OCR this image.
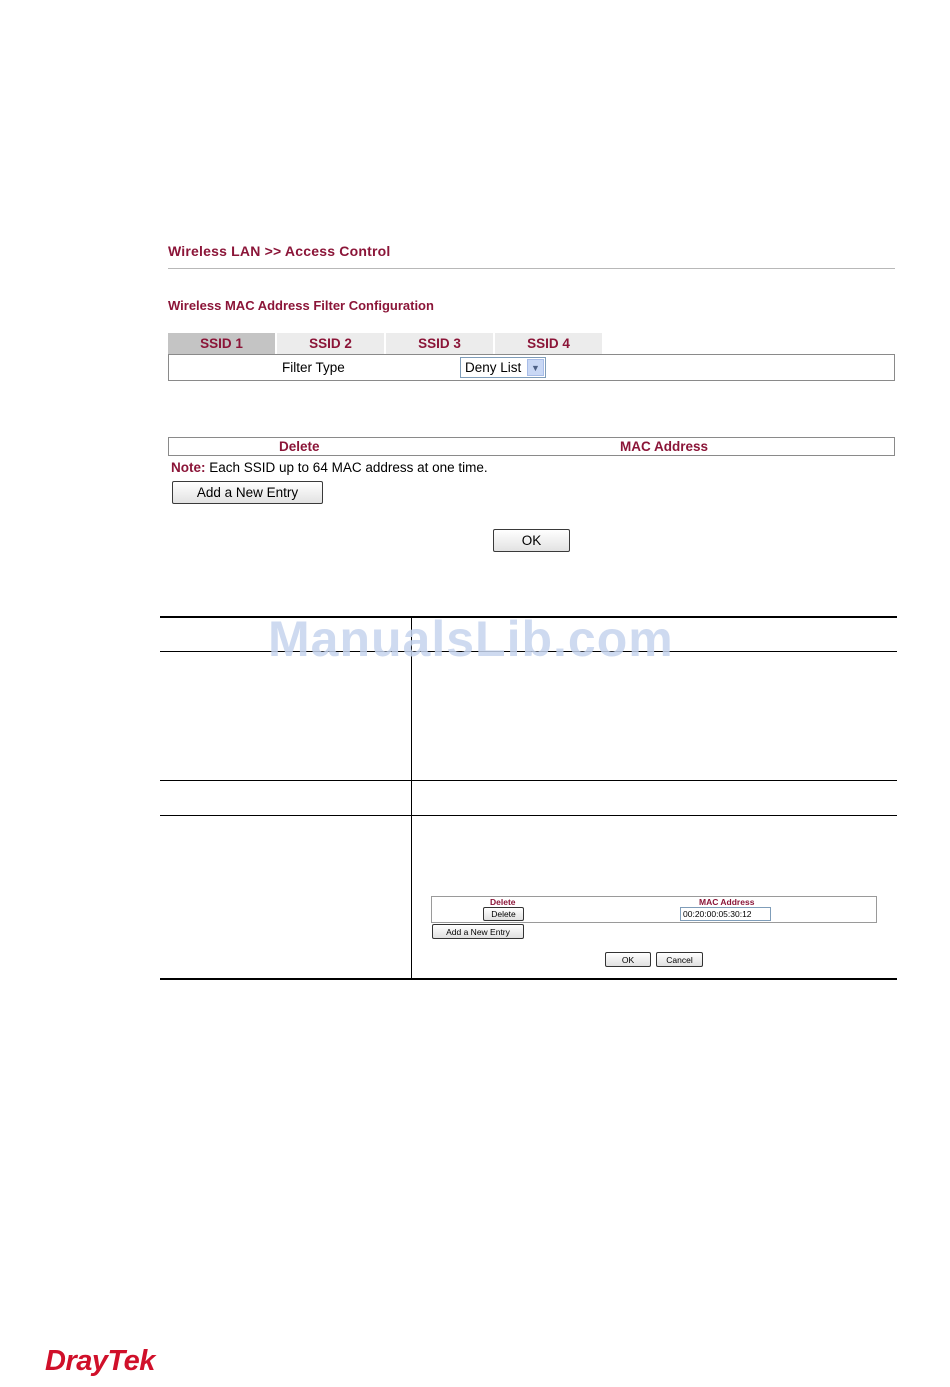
Wireless LAN >> Access Control
Wireless MAC Address Filter Configuration
SSID 1	SSID 2	SSID 3	SSID 4
Filter Type	Deny List	▼
Delete	MAC Address
Note: Each SSID up to 64 MAC address at one time.
Add a New Entry
OK
ManualsLib.com
Delete	MAC Address
Delete	00:20:00:05:30:12
Add a New Entry
OK	Cancel
DrayTek
